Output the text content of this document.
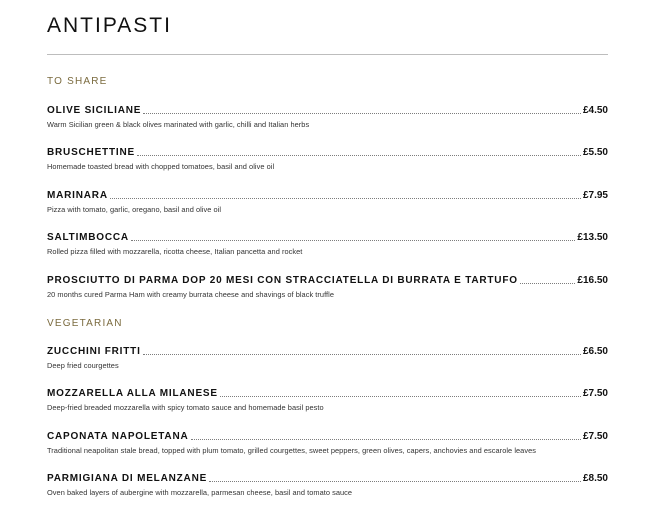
ANTIPASTI
TO SHARE
OLIVE SICILIANE	£4.50
Warm Sicilian green & black olives marinated with garlic, chilli and Italian herbs
BRUSCHETTINE	£5.50
Homemade toasted bread with chopped tomatoes, basil and olive oil
MARINARA	£7.95
Pizza with tomato, garlic, oregano, basil and olive oil
SALTIMBOCCA	£13.50
Rolled pizza filled with mozzarella, ricotta cheese, Italian pancetta and rocket
PROSCIUTTO DI PARMA DOP 20 MESI CON STRACCIATELLA DI BURRATA E TARTUFO	£16.50
20 months cured Parma Ham with creamy burrata cheese and shavings of black truffle
VEGETARIAN
ZUCCHINI FRITTI	£6.50
Deep fried courgettes
MOZZARELLA ALLA MILANESE	£7.50
Deep-fried breaded mozzarella with spicy tomato sauce and homemade basil pesto
CAPONATA NAPOLETANA	£7.50
Traditional neapolitan stale bread, topped with plum tomato, grilled courgettes, sweet peppers, green olives, capers, anchovies and escarole leaves
PARMIGIANA DI MELANZANE	£8.50
Oven baked layers of aubergine with mozzarella, parmesan cheese, basil and tomato sauce
